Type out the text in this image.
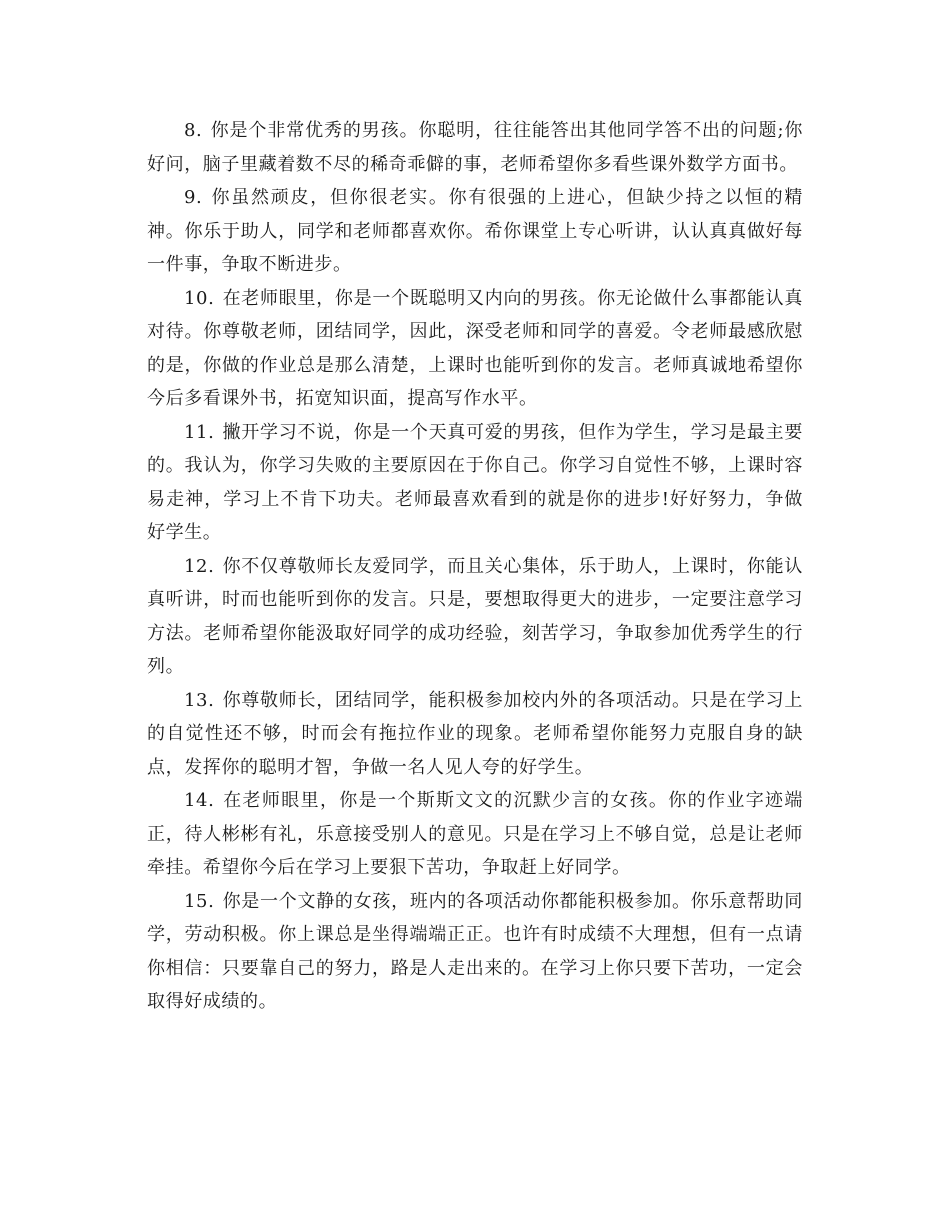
8. 你是个非常优秀的男孩。你聪明，往往能答出其他同学答不出的问题;你好问，脑子里藏着数不尽的稀奇乖僻的事，老师希望你多看些课外数学方面书。

9. 你虽然顽皮，但你很老实。你有很强的上进心，但缺少持之以恒的精神。你乐于助人，同学和老师都喜欢你。希你课堂上专心听讲，认认真真做好每一件事，争取不断进步。

10. 在老师眼里，你是一个既聪明又内向的男孩。你无论做什么事都能认真对待。你尊敬老师，团结同学，因此，深受老师和同学的喜爱。令老师最感欣慰的是，你做的作业总是那么清楚，上课时也能听到你的发言。老师真诚地希望你今后多看课外书，拓宽知识面，提高写作水平。

11. 撇开学习不说，你是一个天真可爱的男孩，但作为学生，学习是最主要的。我认为，你学习失败的主要原因在于你自己。你学习自觉性不够，上课时容易走神，学习上不肯下功夫。老师最喜欢看到的就是你的进步!好好努力，争做好学生。

12. 你不仅尊敬师长友爱同学，而且关心集体，乐于助人，上课时，你能认真听讲，时而也能听到你的发言。只是，要想取得更大的进步，一定要注意学习方法。老师希望你能汲取好同学的成功经验，刻苦学习，争取参加优秀学生的行列。

13. 你尊敬师长，团结同学，能积极参加校内外的各项活动。只是在学习上的自觉性还不够，时而会有拖拉作业的现象。老师希望你能努力克服自身的缺点，发挥你的聪明才智，争做一名人见人夸的好学生。

14. 在老师眼里，你是一个斯斯文文的沉默少言的女孩。你的作业字迹端正，待人彬彬有礼，乐意接受别人的意见。只是在学习上不够自觉，总是让老师牵挂。希望你今后在学习上要狠下苦功，争取赶上好同学。

15. 你是一个文静的女孩，班内的各项活动你都能积极参加。你乐意帮助同学，劳动积极。你上课总是坐得端端正正。也许有时成绩不大理想，但有一点请你相信：只要靠自己的努力，路是人走出来的。在学习上你只要下苦功，一定会取得好成绩的。
